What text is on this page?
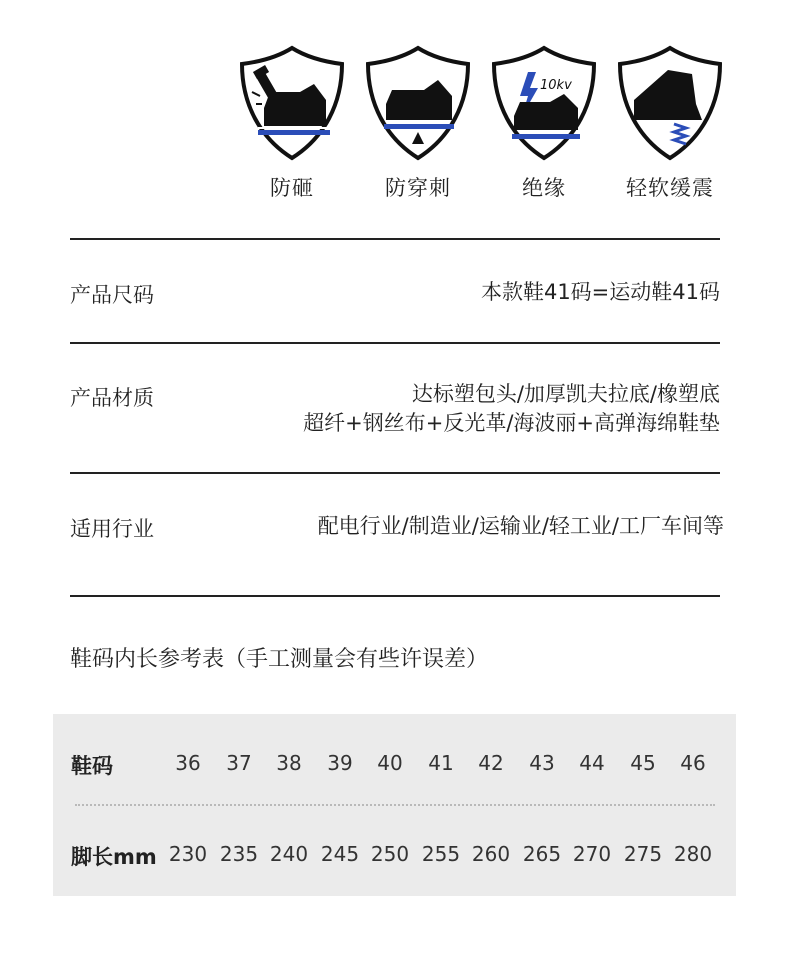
防砸	防穿刺
10kv
绝缘	轻软缓震
产品尺码	本款鞋41码=运动鞋41码
产品材质	达标塑包头/加厚凯夫拉底/橡塑底
超纤+钢丝布+反光革/海波丽+高弹海绵鞋垫
适用行业	配电行业/制造业/运输业/轻工业/工厂车间等
鞋码内长参考表（手工测量会有些许误差）
鞋码	36	37	38	39	40	41	42	43	44	45	46
脚长mm 230 235 240 245 250 255 260 265 270 275 280
